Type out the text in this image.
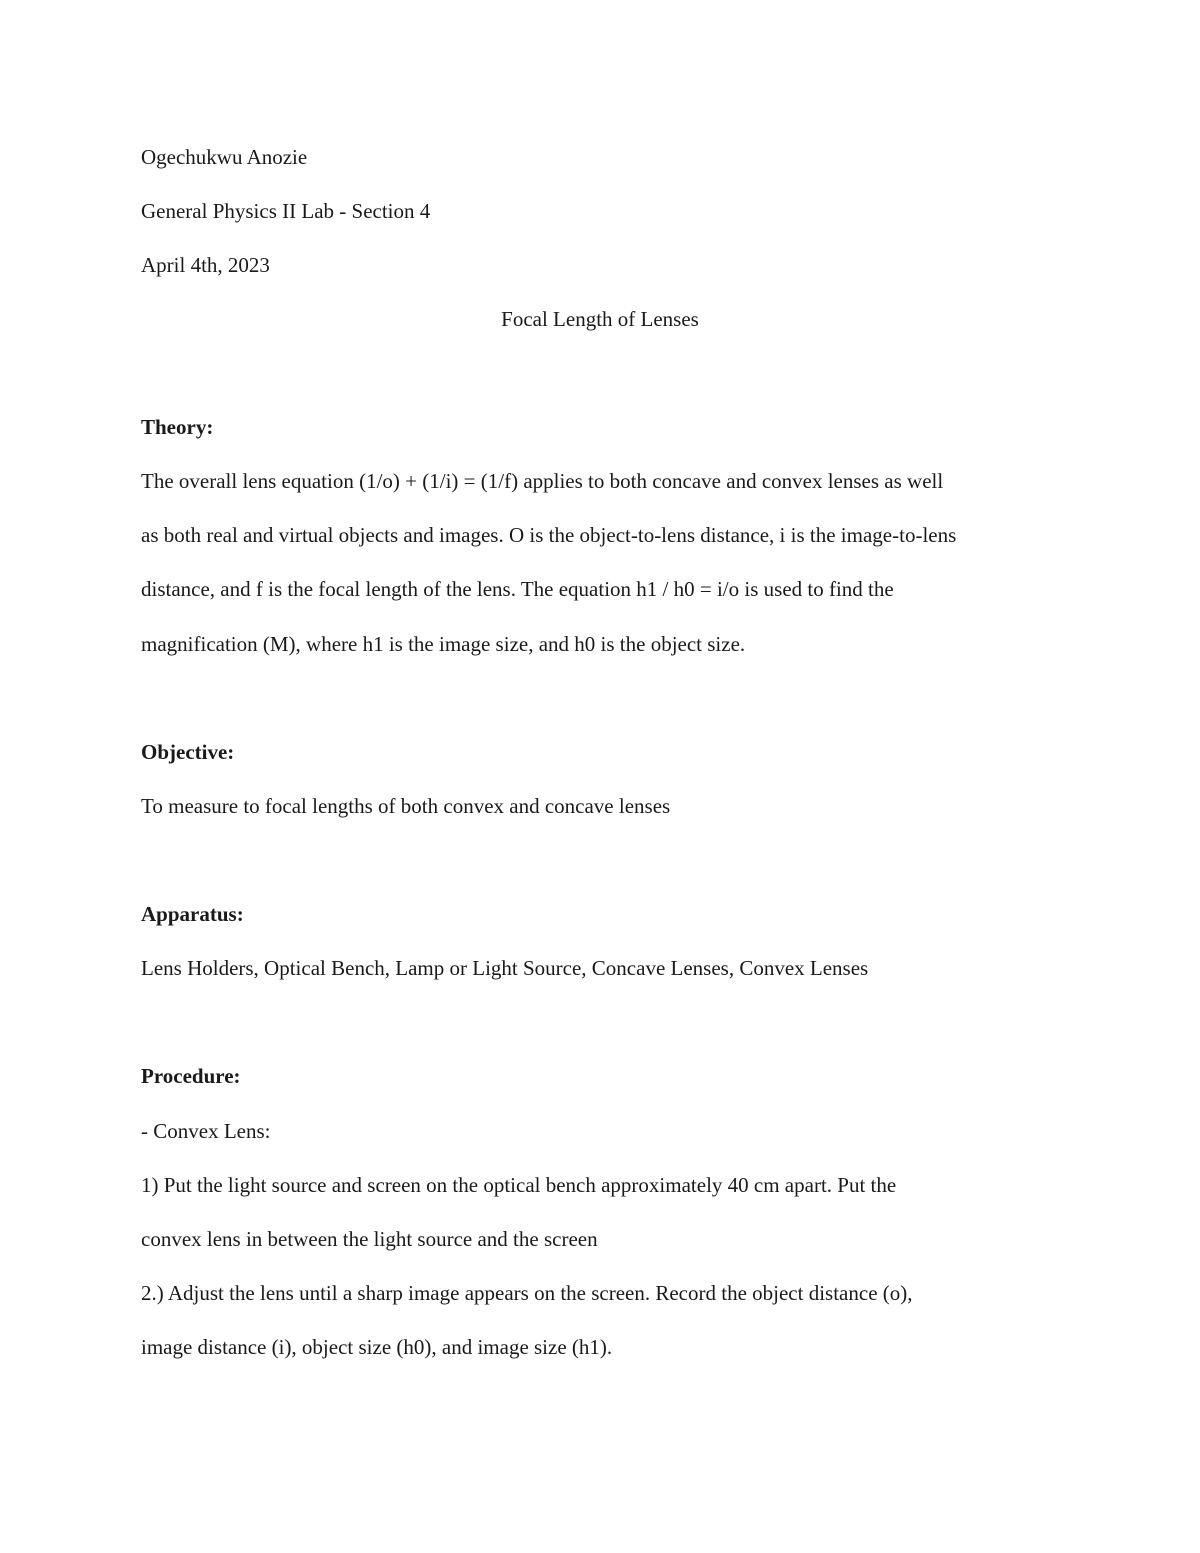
Ogechukwu Anozie
General Physics II Lab - Section 4
April 4th, 2023
Focal Length of Lenses
Theory:
The overall lens equation (1/o) + (1/i) = (1/f) applies to both concave and convex lenses as well
as both real and virtual objects and images. O is the object-to-lens distance, i is the image-to-lens
distance, and f is the focal length of the lens. The equation h1 / h0 = i/o is used to find the
magnification (M), where h1 is the image size, and h0 is the object size.
Objective:
To measure to focal lengths of both convex and concave lenses
Apparatus:
Lens Holders, Optical Bench, Lamp or Light Source, Concave Lenses, Convex Lenses
Procedure:
- Convex Lens:
1) Put the light source and screen on the optical bench approximately 40 cm apart. Put the
convex lens in between the light source and the screen
2.) Adjust the lens until a sharp image appears on the screen. Record the object distance (o),
image distance (i), object size (h0), and image size (h1).
